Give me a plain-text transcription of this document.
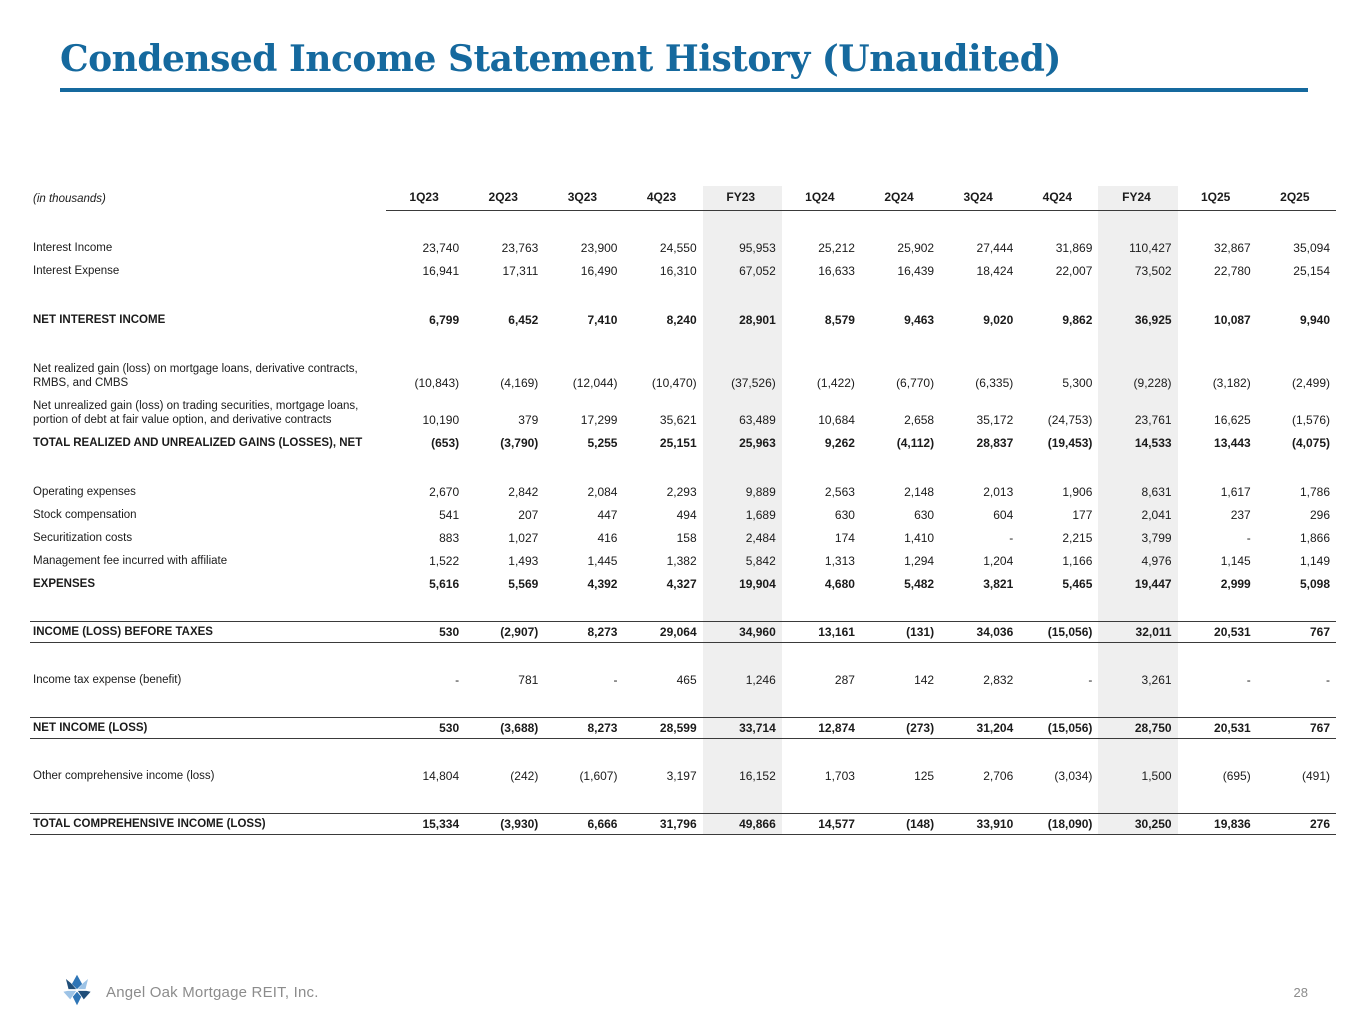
Condensed Income Statement History (Unaudited)
(in thousands)	1Q23	2Q23	3Q23	4Q23	FY23	1Q24	2Q24	3Q24	4Q24	FY24	1Q25	2Q25

Interest Income	23,740	23,763	23,900	24,550	95,953	25,212	25,902	27,444	31,869	110,427	32,867	35,094
Interest Expense	16,941	17,311	16,490	16,310	67,052	16,633	16,439	18,424	22,007	73,502	22,780	25,154

NET INTEREST INCOME	6,799	6,452	7,410	8,240	28,901	8,579	9,463	9,020	9,862	36,925	10,087	9,940

Net realized gain (loss) on mortgage loans, derivative contracts, RMBS, and CMBS	(10,843)	(4,169)	(12,044)	(10,470)	(37,526)	(1,422)	(6,770)	(6,335)	5,300	(9,228)	(3,182)	(2,499)
Net unrealized gain (loss) on trading securities, mortgage loans, portion of debt at fair value option, and derivative contracts	10,190	379	17,299	35,621	63,489	10,684	2,658	35,172	(24,753)	23,761	16,625	(1,576)
TOTAL REALIZED AND UNREALIZED GAINS (LOSSES), NET	(653)	(3,790)	5,255	25,151	25,963	9,262	(4,112)	28,837	(19,453)	14,533	13,443	(4,075)

Operating expenses	2,670	2,842	2,084	2,293	9,889	2,563	2,148	2,013	1,906	8,631	1,617	1,786
Stock compensation	541	207	447	494	1,689	630	630	604	177	2,041	237	296
Securitization costs	883	1,027	416	158	2,484	174	1,410	-	2,215	3,799	-	1,866
Management fee incurred with affiliate	1,522	1,493	1,445	1,382	5,842	1,313	1,294	1,204	1,166	4,976	1,145	1,149
EXPENSES	5,616	5,569	4,392	4,327	19,904	4,680	5,482	3,821	5,465	19,447	2,999	5,098

INCOME (LOSS) BEFORE TAXES	530	(2,907)	8,273	29,064	34,960	13,161	(131)	34,036	(15,056)	32,011	20,531	767

Income tax expense (benefit)	-	781	-	465	1,246	287	142	2,832	-	3,261	-	-

NET INCOME (LOSS)	530	(3,688)	8,273	28,599	33,714	12,874	(273)	31,204	(15,056)	28,750	20,531	767

Other comprehensive income (loss)	14,804	(242)	(1,607)	3,197	16,152	1,703	125	2,706	(3,034)	1,500	(695)	(491)

TOTAL COMPREHENSIVE INCOME (LOSS)	15,334	(3,930)	6,666	31,796	49,866	14,577	(148)	33,910	(18,090)	30,250	19,836	276
Angel Oak Mortgage REIT, Inc.	28
